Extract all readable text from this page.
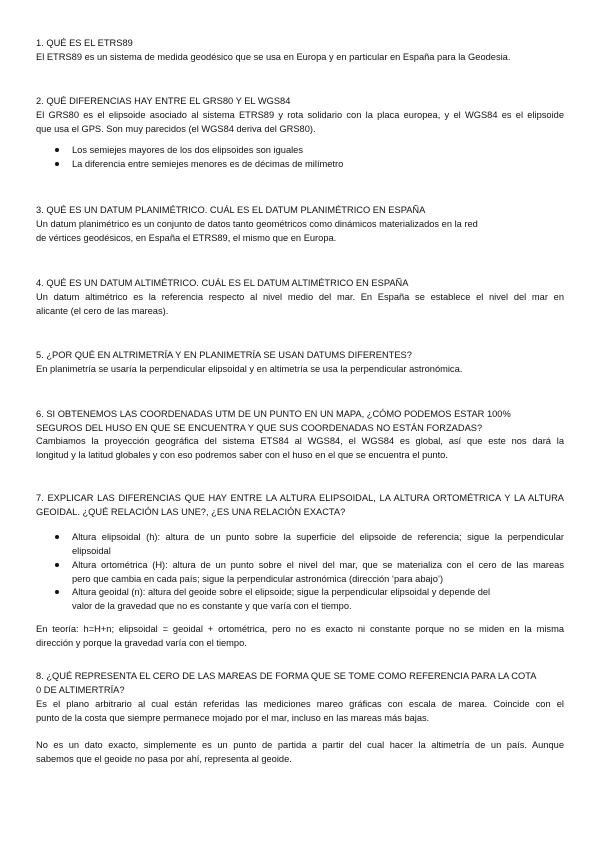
1. QUÉ ES EL ETRS89
El ETRS89 es un sistema de medida geodésico que se usa en Europa y en particular en España para la Geodesia.
2. QUÉ DIFERENCIAS HAY ENTRE EL GRS80 Y EL WGS84
El GRS80 es el elipsoide asociado al sistema ETRS89 y rota solidario con la placa europea, y el WGS84 es el elipsoide
que usa el GPS. Son muy parecidos (el WGS84 deriva del GRS80).
Los semiejes mayores de los dos elipsoides son iguales
La diferencia entre semiejes menores es de décimas de milímetro
3. QUÉ ES UN DATUM PLANIMÉTRICO. CUÁL ES EL DATUM PLANIMÉTRICO EN ESPAÑA
Un datum planimétrico es un conjunto de datos tanto geométricos como dinámicos materializados en la red
de vértices geodésicos, en España el ETRS89, el mismo que en Europa.
4. QUÉ ES UN DATUM ALTIMÉTRICO. CUÁL ES EL DATUM ALTIMÉTRICO EN ESPAÑA
Un datum altimétrico es la referencia respecto al nivel medio del mar. En España se establece el nivel del mar en
alicante (el cero de las mareas).
5. ¿POR QUÉ EN ALTRIMETRÍA Y EN PLANIMETRÍA SE USAN DATUMS DIFERENTES?
En planimetría se usaría la perpendicular elipsoidal y en altimetría se usa la perpendicular astronómica.
6. SI OBTENEMOS LAS COORDENADAS UTM DE UN PUNTO EN UN MAPA, ¿CÓMO PODEMOS ESTAR 100%
SEGUROS DEL HUSO EN QUE SE ENCUENTRA Y QUE SUS COORDENADAS NO ESTÁN FORZADAS?
Cambiamos la proyección geográfica del sistema ETS84 al WGS84, el WGS84 es global, así que este nos dará la
longitud y la latitud globales y con eso podremos saber con el huso en el que se encuentra el punto.
7. EXPLICAR LAS DIFERENCIAS QUE HAY ENTRE LA ALTURA ELIPSOIDAL, LA ALTURA ORTOMÉTRICA Y LA ALTURA
GEOIDAL. ¿QUÉ RELACIÓN LAS UNE?, ¿ES UNA RELACIÓN EXACTA?
Altura elipsoidal (h): altura de un punto sobre la superficie del elipsoide de referencia; sigue la perpendicular
elipsoidal
Altura ortométrica (H): altura de un punto sobre el nivel del mar, que se materializa con el cero de las mareas
pero que cambia en cada país; sigue la perpendicular astronómica (dirección ‘para abajo’)
Altura geoidal (n): altura del geoide sobre el elipsoide; sigue la perpendicular elipsoidal y depende del
valor de la gravedad que no es constante y que varía con el tiempo.
En teoría: h=H+n; elipsoidal = geoidal + ortométrica, pero no es exacto ni constante porque no se miden en la misma
dirección y porque la gravedad varía con el tiempo.
8. ¿QUÉ REPRESENTA EL CERO DE LAS MAREAS DE FORMA QUE SE TOME COMO REFERENCIA PARA LA COTA
0 DE ALTIMERTRÍA?
Es el plano arbitrario al cual están referidas las mediciones mareo gráficas con escala de marea. Coincide con el
punto de la costa que siempre permanece mojado por el mar, incluso en las mareas más bajas.
No es un dato exacto, simplemente es un punto de partida a partir del cual hacer la altimetría de un país. Aunque
sabemos que el geoide no pasa por ahí, representa al geoide.
